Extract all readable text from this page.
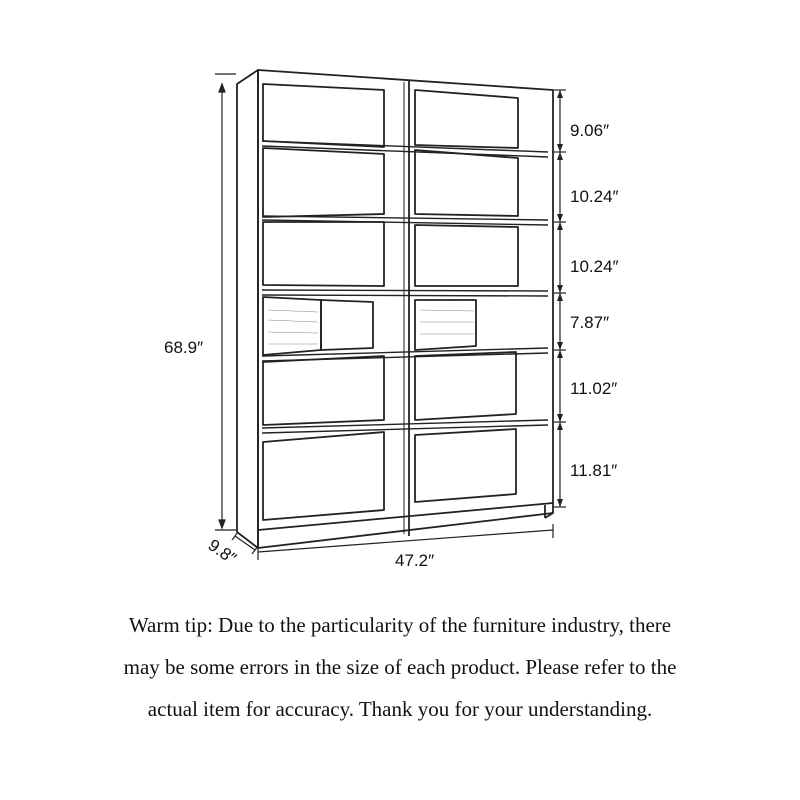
68.9″
47.2″
9.8″
9.06″
10.24″
10.24″
7.87″
11.02″
11.81″
Warm tip: Due to the particularity of the furniture industry, there
may be some errors in the size of each product. Please refer to the
actual item for accuracy. Thank you for your understanding.
